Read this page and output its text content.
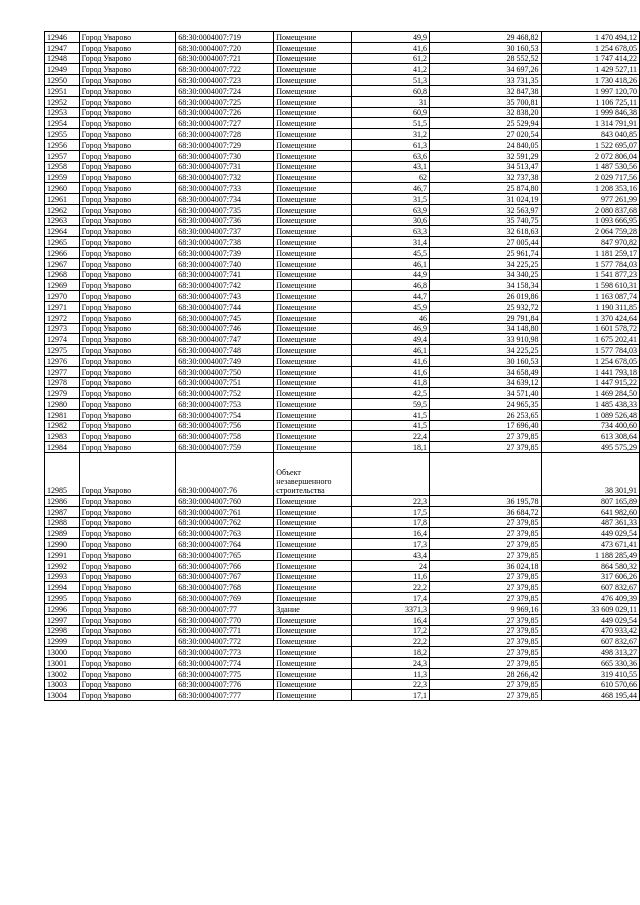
12946	Город Уварово	68:30:0004007:719	Помещение	49,9	29 468,82	1 470 494,12
12947	Город Уварово	68:30:0004007:720	Помещение	41,6	30 160,53	1 254 678,05
12948	Город Уварово	68:30:0004007:721	Помещение	61,2	28 552,52	1 747 414,22
12949	Город Уварово	68:30:0004007:722	Помещение	41,2	34 697,26	1 429 527,11
12950	Город Уварово	68:30:0004007:723	Помещение	51,3	33 731,35	1 730 418,26
12951	Город Уварово	68:30:0004007:724	Помещение	60,8	32 847,38	1 997 120,70
12952	Город Уварово	68:30:0004007:725	Помещение	31	35 700,81	1 106 725,11
12953	Город Уварово	68:30:0004007:726	Помещение	60,9	32 838,20	1 999 846,38
12954	Город Уварово	68:30:0004007:727	Помещение	51,5	25 529,94	1 314 791,91
12955	Город Уварово	68:30:0004007:728	Помещение	31,2	27 020,54	843 040,85
12956	Город Уварово	68:30:0004007:729	Помещение	61,3	24 840,05	1 522 695,07
12957	Город Уварово	68:30:0004007:730	Помещение	63,6	32 591,29	2 072 806,04
12958	Город Уварово	68:30:0004007:731	Помещение	43,1	34 513,47	1 487 530,56
12959	Город Уварово	68:30:0004007:732	Помещение	62	32 737,38	2 029 717,56
12960	Город Уварово	68:30:0004007:733	Помещение	46,7	25 874,80	1 208 353,16
12961	Город Уварово	68:30:0004007:734	Помещение	31,5	31 024,19	977 261,99
12962	Город Уварово	68:30:0004007:735	Помещение	63,9	32 563,97	2 080 837,68
12963	Город Уварово	68:30:0004007:736	Помещение	30,6	35 740,75	1 093 666,95
12964	Город Уварово	68:30:0004007:737	Помещение	63,3	32 618,63	2 064 759,28
12965	Город Уварово	68:30:0004007:738	Помещение	31,4	27 005,44	847 970,82
12966	Город Уварово	68:30:0004007:739	Помещение	45,5	25 961,74	1 181 259,17
12967	Город Уварово	68:30:0004007:740	Помещение	46,1	34 225,25	1 577 784,03
12968	Город Уварово	68:30:0004007:741	Помещение	44,9	34 340,25	1 541 877,23
12969	Город Уварово	68:30:0004007:742	Помещение	46,8	34 158,34	1 598 610,31
12970	Город Уварово	68:30:0004007:743	Помещение	44,7	26 019,86	1 163 087,74
12971	Город Уварово	68:30:0004007:744	Помещение	45,9	25 932,72	1 190 311,85
12972	Город Уварово	68:30:0004007:745	Помещение	46	29 791,84	1 370 424,64
12973	Город Уварово	68:30:0004007:746	Помещение	46,9	34 148,80	1 601 578,72
12974	Город Уварово	68:30:0004007:747	Помещение	49,4	33 910,98	1 675 202,41
12975	Город Уварово	68:30:0004007:748	Помещение	46,1	34 225,25	1 577 784,03
12976	Город Уварово	68:30:0004007:749	Помещение	41,6	30 160,53	1 254 678,05
12977	Город Уварово	68:30:0004007:750	Помещение	41,6	34 658,49	1 441 793,18
12978	Город Уварово	68:30:0004007:751	Помещение	41,8	34 639,12	1 447 915,22
12979	Город Уварово	68:30:0004007:752	Помещение	42,5	34 571,40	1 469 284,50
12980	Город Уварово	68:30:0004007:753	Помещение	59,5	24 965,35	1 485 438,33
12981	Город Уварово	68:30:0004007:754	Помещение	41,5	26 253,65	1 089 526,48
12982	Город Уварово	68:30:0004007:756	Помещение	41,5	17 696,40	734 400,60
12983	Город Уварово	68:30:0004007:758	Помещение	22,4	27 379,85	613 308,64
12984	Город Уварово	68:30:0004007:759	Помещение	18,1	27 379,85	495 575,29
12985	Город Уварово	68:30:0004007:76	Объект незавершенного строительства			38 301,91
12986	Город Уварово	68:30:0004007:760	Помещение	22,3	36 195,78	807 165,89
12987	Город Уварово	68:30:0004007:761	Помещение	17,5	36 684,72	641 982,60
12988	Город Уварово	68:30:0004007:762	Помещение	17,8	27 379,85	487 361,33
12989	Город Уварово	68:30:0004007:763	Помещение	16,4	27 379,85	449 029,54
12990	Город Уварово	68:30:0004007:764	Помещение	17,3	27 379,85	473 671,41
12991	Город Уварово	68:30:0004007:765	Помещение	43,4	27 379,85	1 188 285,49
12992	Город Уварово	68:30:0004007:766	Помещение	24	36 024,18	864 580,32
12993	Город Уварово	68:30:0004007:767	Помещение	11,6	27 379,85	317 606,26
12994	Город Уварово	68:30:0004007:768	Помещение	22,2	27 379,85	607 832,67
12995	Город Уварово	68:30:0004007:769	Помещение	17,4	27 379,85	476 409,39
12996	Город Уварово	68:30:0004007:77	Здание	3371,3	9 969,16	33 609 029,11
12997	Город Уварово	68:30:0004007:770	Помещение	16,4	27 379,85	449 029,54
12998	Город Уварово	68:30:0004007:771	Помещение	17,2	27 379,85	470 933,42
12999	Город Уварово	68:30:0004007:772	Помещение	22,2	27 379,85	607 832,67
13000	Город Уварово	68:30:0004007:773	Помещение	18,2	27 379,85	498 313,27
13001	Город Уварово	68:30:0004007:774	Помещение	24,3	27 379,85	665 330,36
13002	Город Уварово	68:30:0004007:775	Помещение	11,3	28 266,42	319 410,55
13003	Город Уварово	68:30:0004007:776	Помещение	22,3	27 379,85	610 570,66
13004	Город Уварово	68:30:0004007:777	Помещение	17,1	27 379,85	468 195,44
